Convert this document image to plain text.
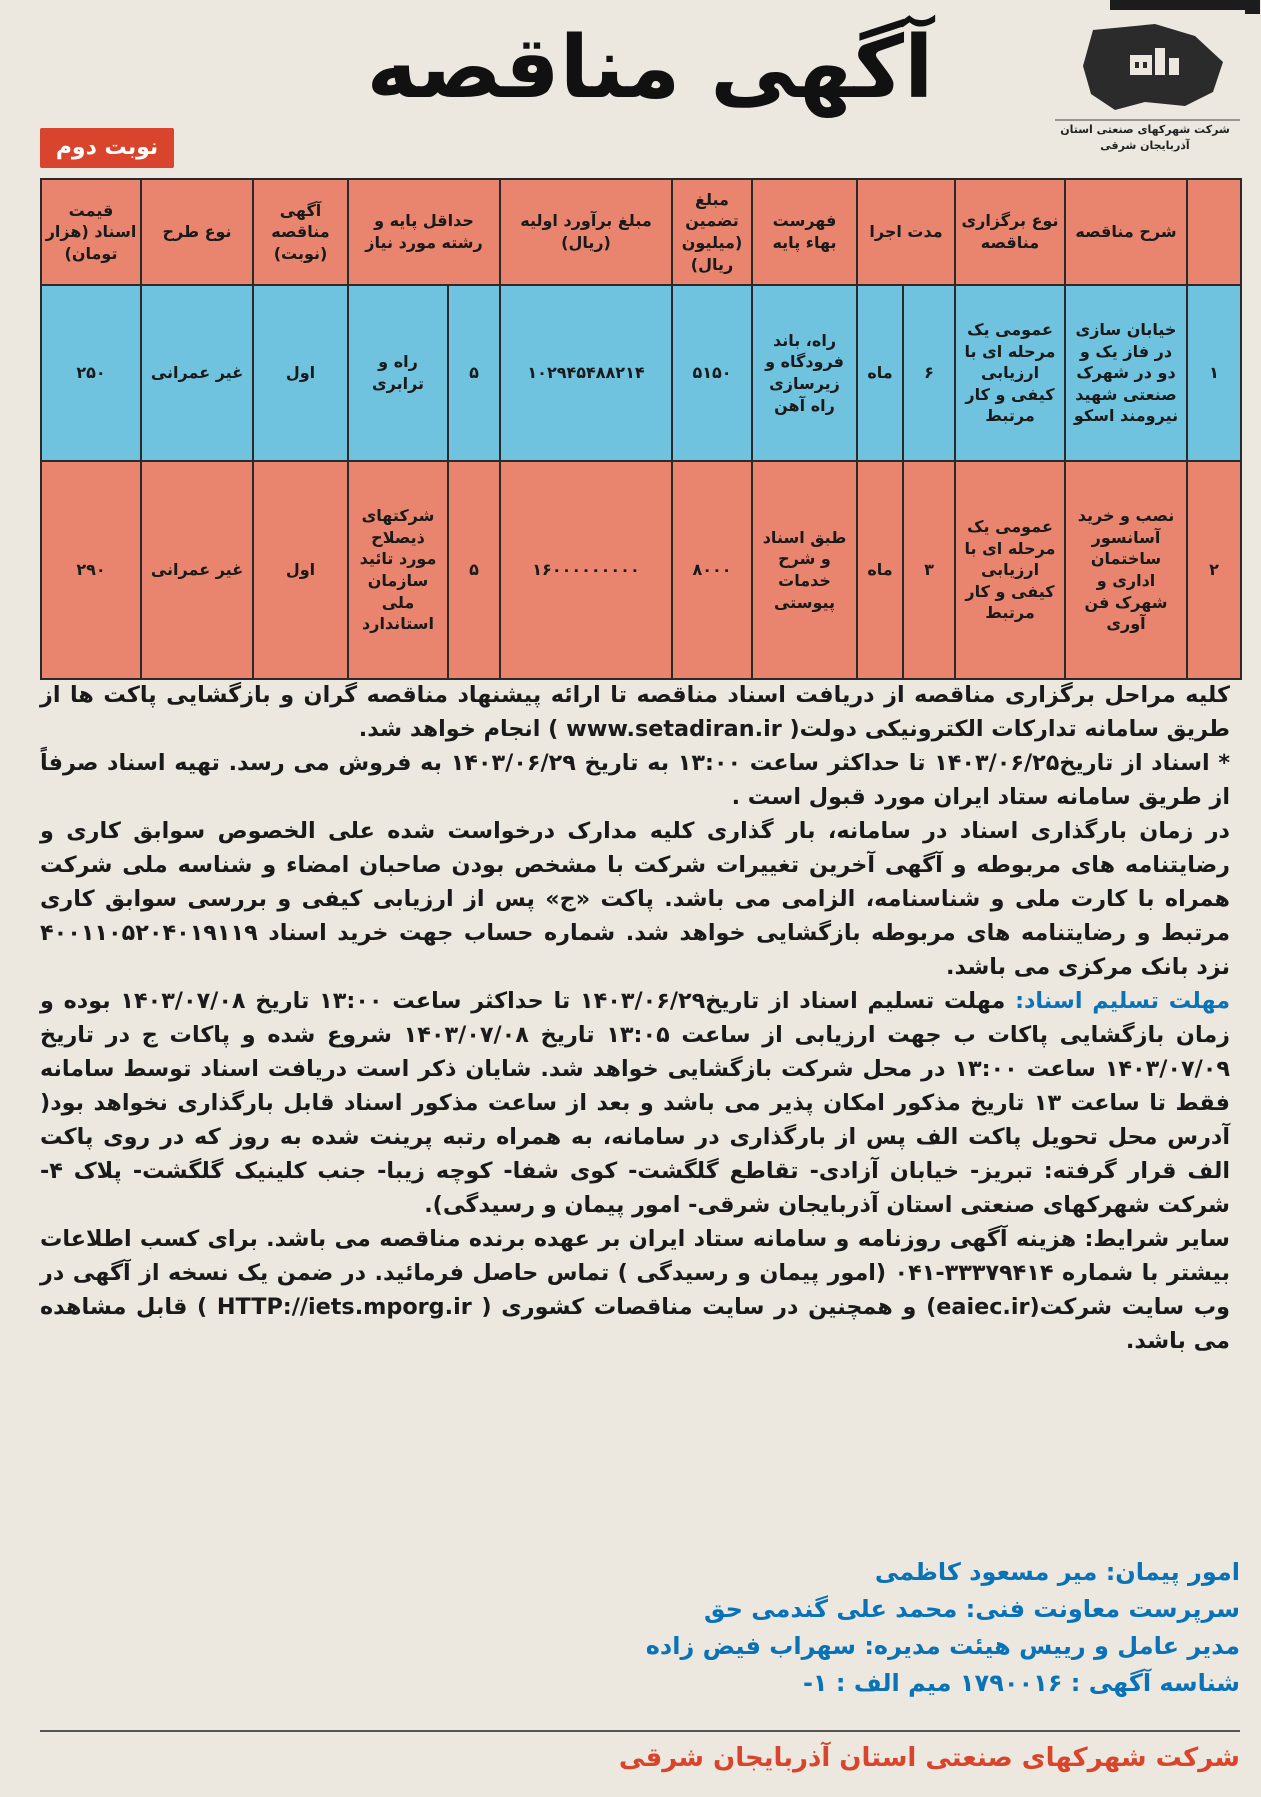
آگهی مناقصه
شرکت شهرکهای صنعتی استان آذربایجان شرقی
نوبت دوم
	شرح مناقصه	نوع برگزاری مناقصه	مدت اجرا		فهرست بهاء پایه	مبلغ تضمین (میلیون ریال)	مبلغ برآورد اولیه (ریال)	حداقل پایه و رشته مورد نیاز		آگهی مناقصه (نوبت)	نوع طرح	قیمت اسناد (هزار تومان)
۱	خیابان سازی در فاز یک و دو در شهرک صنعتی شهید نیرومند اسکو	عمومی یک مرحله ای با ارزیابی کیفی و کار مرتبط	۶	ماه	راه، باند فرودگاه و زیرسازی راه آهن	۵۱۵۰	۱۰۲۹۴۵۴۸۸۲۱۴	۵	راه و ترابری	اول	غیر عمرانی	۲۵۰
۲	نصب و خرید آسانسور ساختمان اداری و شهرک فن آوری	عمومی یک مرحله ای با ارزیابی کیفی و کار مرتبط	۳	ماه	طبق اسناد و شرح خدمات پیوستی	۸۰۰۰	۱۶۰۰۰۰۰۰۰۰۰	۵	شرکتهای ذیصلاح مورد تائید سازمان ملی استاندارد	اول	غیر عمرانی	۲۹۰

کلیه مراحل برگزاری مناقصه از دریافت اسناد مناقصه تا ارائه پیشنهاد مناقصه گران و بازگشایی پاکت ها از طریق سامانه تدارکات الکترونیکی دولت( www.setadiran.ir ) انجام خواهد شد.

* اسناد از تاریخ۱۴۰۳/۰۶/۲۵ تا حداکثر ساعت ۱۳:۰۰ به تاریخ ۱۴۰۳/۰۶/۲۹ به فروش می رسد. تهیه اسناد صرفاً از طریق سامانه ستاد ایران مورد قبول است .

در زمان بارگذاری اسناد در سامانه، بار گذاری کلیه مدارک درخواست شده علی الخصوص سوابق کاری و رضایتنامه های مربوطه و آگهی آخرین تغییرات شرکت با مشخص بودن صاحبان امضاء و شناسه ملی شرکت همراه با کارت ملی و شناسنامه، الزامی می باشد. پاکت «ج» پس از ارزیابی کیفی و بررسی سوابق کاری مرتبط و رضایتنامه های مربوطه بازگشایی خواهد شد. شماره حساب جهت خرید اسناد ۴۰۰۱۱۰۵۲۰۴۰۱۹۱۱۹ نزد بانک مرکزی می باشد.

مهلت تسلیم اسناد: مهلت تسلیم اسناد از تاریخ۱۴۰۳/۰۶/۲۹ تا حداکثر ساعت ۱۳:۰۰ تاریخ ۱۴۰۳/۰۷/۰۸ بوده و زمان بازگشایی پاکات ب جهت ارزیابی از ساعت ۱۳:۰۵ تاریخ ۱۴۰۳/۰۷/۰۸ شروع شده و پاکات ج در تاریخ ۱۴۰۳/۰۷/۰۹ ساعت ۱۳:۰۰ در محل شرکت بازگشایی خواهد شد. شایان ذکر است دریافت اسناد توسط سامانه فقط تا ساعت ۱۳ تاریخ مذکور امکان پذیر می باشد و بعد از ساعت مذکور اسناد قابل بارگذاری نخواهد بود( آدرس محل تحویل پاکت الف پس از بارگذاری در سامانه، به همراه رتبه پرینت شده به روز که در روی پاکت الف قرار گرفته: تبریز- خیابان آزادی- تقاطع گلگشت- کوی شفا- کوچه زیبا- جنب کلینیک گلگشت- پلاک ۴- شرکت شهرکهای صنعتی استان آذربایجان شرقی- امور پیمان و رسیدگی).

سایر شرایط: هزینه آگهی روزنامه و سامانه ستاد ایران بر عهده برنده مناقصه می باشد. برای کسب اطلاعات بیشتر با شماره ۳۳۳۷۹۴۱۴-۰۴۱ (امور پیمان و رسیدگی ) تماس حاصل فرمائید. در ضمن یک نسخه از آگهی در وب سایت شرکت(eaiec.ir) و همچنین در سایت مناقصات کشوری ( HTTP://iets.mporg.ir ) قابل مشاهده می باشد.

امور پیمان: میر مسعود کاظمی
سرپرست معاونت فنی: محمد علی گندمی حق
مدیر عامل و رییس هیئت مدیره: سهراب فیض زاده
شناسه آگهی : ۱۷۹۰۰۱۶ میم الف : ۱-
شرکت شهرکهای صنعتی استان آذربایجان شرقی
